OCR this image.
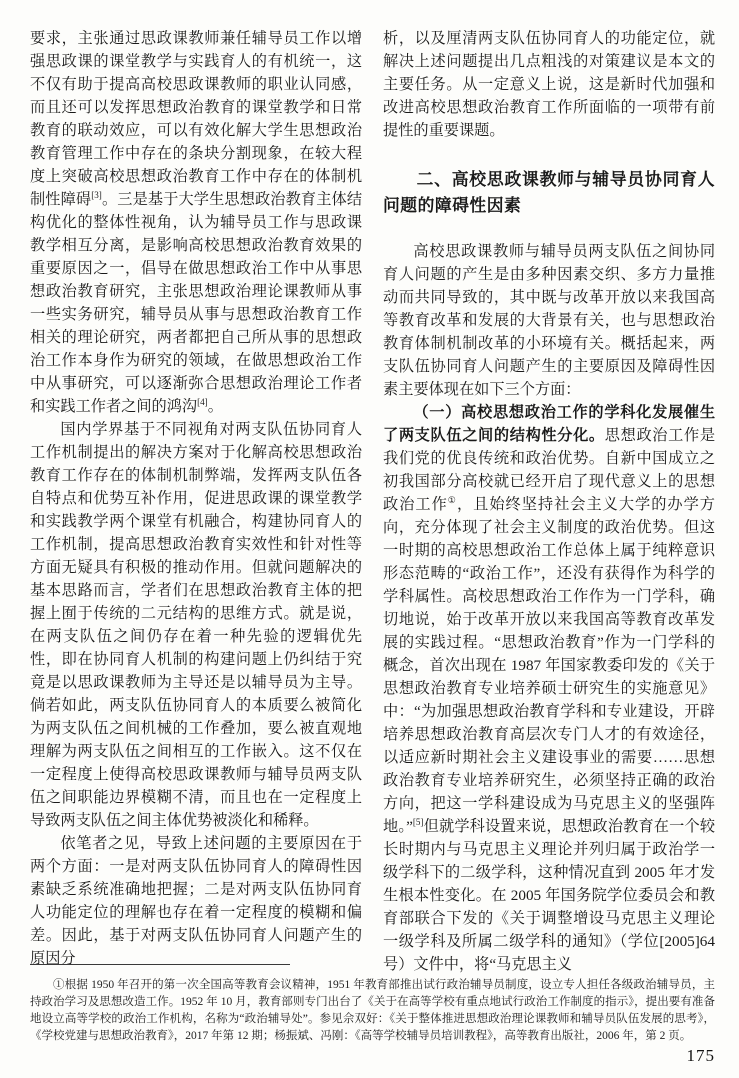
要求，主张通过思政课教师兼任辅导员工作以增强思政课的课堂教学与实践育人的有机统一，这不仅有助于提高高校思政课教师的职业认同感，而且还可以发挥思想政治教育的课堂教学和日常教育的联动效应，可以有效化解大学生思想政治教育管理工作中存在的条块分割现象，在较大程度上突破高校思想政治教育工作中存在的体制机制性障碍[3]。三是基于大学生思想政治教育主体结构优化的整体性视角，认为辅导员工作与思政课教学相互分离，是影响高校思想政治教育效果的重要原因之一，倡导在做思想政治工作中从事思想政治教育研究，主张思想政治理论课教师从事一些实务研究，辅导员从事与思想政治教育工作相关的理论研究，两者都把自己所从事的思想政治工作本身作为研究的领域，在做思想政治工作中从事研究，可以逐渐弥合思想政治理论工作者和实践工作者之间的鸿沟[4]。

国内学界基于不同视角对两支队伍协同育人工作机制提出的解决方案对于化解高校思想政治教育工作存在的体制机制弊端，发挥两支队伍各自特点和优势互补作用，促进思政课的课堂教学和实践教学两个课堂有机融合，构建协同育人的工作机制，提高思想政治教育实效性和针对性等方面无疑具有积极的推动作用。但就问题解决的基本思路而言，学者们在思想政治教育主体的把握上囿于传统的二元结构的思维方式。就是说，在两支队伍之间仍存在着一种先验的逻辑优先性，即在协同育人机制的构建问题上仍纠结于究竟是以思政课教师为主导还是以辅导员为主导。倘若如此，两支队伍协同育人的本质要么被简化为两支队伍之间机械的工作叠加，要么被直观地理解为两支队伍之间相互的工作嵌入。这不仅在一定程度上使得高校思政课教师与辅导员两支队伍之间职能边界模糊不清，而且也在一定程度上导致两支队伍之间主体优势被淡化和稀释。

依笔者之见，导致上述问题的主要原因在于两个方面：一是对两支队伍协同育人的障碍性因素缺乏系统准确地把握；二是对两支队伍协同育人功能定位的理解也存在着一定程度的模糊和偏差。因此，基于对两支队伍协同育人问题产生的原因分

析，以及厘清两支队伍协同育人的功能定位，就解决上述问题提出几点粗浅的对策建议是本文的主要任务。从一定意义上说，这是新时代加强和改进高校思想政治教育工作所面临的一项带有前提性的重要课题。

二、高校思政课教师与辅导员协同育人问题的障碍性因素

高校思政课教师与辅导员两支队伍之间协同育人问题的产生是由多种因素交织、多方力量推动而共同导致的，其中既与改革开放以来我国高等教育改革和发展的大背景有关，也与思想政治教育体制机制改革的小环境有关。概括起来，两支队伍协同育人问题产生的主要原因及障碍性因素主要体现在如下三个方面：

（一）高校思想政治工作的学科化发展催生了两支队伍之间的结构性分化。思想政治工作是我们党的优良传统和政治优势。自新中国成立之初我国部分高校就已经开启了现代意义上的思想政治工作①，且始终坚持社会主义大学的办学方向，充分体现了社会主义制度的政治优势。但这一时期的高校思想政治工作总体上属于纯粹意识形态范畴的“政治工作”，还没有获得作为科学的学科属性。高校思想政治工作作为一门学科，确切地说，始于改革开放以来我国高等教育改革发展的实践过程。“思想政治教育”作为一门学科的概念，首次出现在 1987 年国家教委印发的《关于思想政治教育专业培养硕士研究生的实施意见》中：“为加强思想政治教育学科和专业建设，开辟培养思想政治教育高层次专门人才的有效途径，以适应新时期社会主义建设事业的需要……思想政治教育专业培养研究生，必须坚持正确的政治方向，把这一学科建设成为马克思主义的坚强阵地。”[5]但就学科设置来说，思想政治教育在一个较长时期内与马克思主义理论并列归属于政治学一级学科下的二级学科，这种情况直到 2005 年才发生根本性变化。在 2005 年国务院学位委员会和教育部联合下发的《关于调整增设马克思主义理论一级学科及所属二级学科的通知》（学位[2005]64 号）文件中，将“马克思主义

①根据 1950 年召开的第一次全国高等教育会议精神，1951 年教育部推出试行政治辅导员制度，设立专人担任各级政治辅导员，主持政治学习及思想改造工作。1952 年 10 月，教育部则专门出台了《关于在高等学校有重点地试行政治工作制度的指示》，提出要有准备地设立高等学校的政治工作机构，名称为“政治辅导处”。参见佘双好：《关于整体推进思想政治理论课教师和辅导员队伍发展的思考》，《学校党建与思想政治教育》，2017 年第 12 期；杨振斌、冯刚：《高等学校辅导员培训教程》，高等教育出版社，2006 年，第 2 页。

175
